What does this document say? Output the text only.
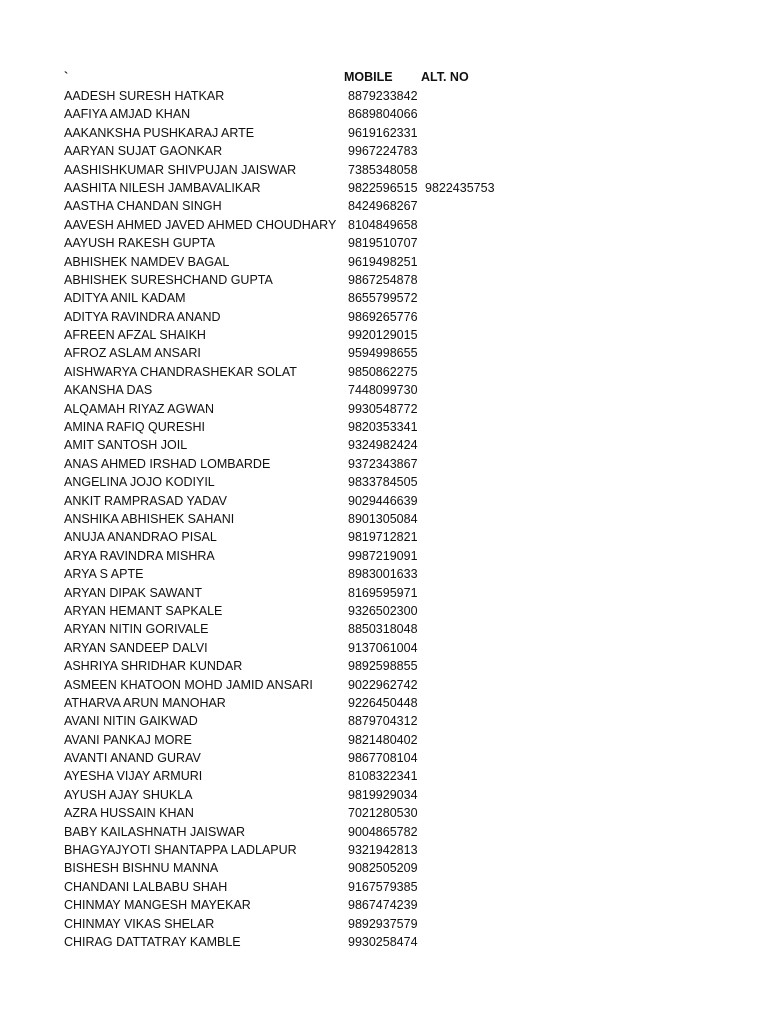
`	MOBILE	ALT. NO
AADESH SURESH HATKAR	8879233842
AAFIYA AMJAD KHAN	8689804066
AAKANKSHA PUSHKARAJ ARTE	9619162331
AARYAN SUJAT GAONKAR	9967224783
AASHISHKUMAR SHIVPUJAN JAISWAR	7385348058
AASHITA NILESH JAMBAVALIKAR	9822596515 9822435753
AASTHA CHANDAN SINGH	8424968267
AAVESH AHMED JAVED AHMED CHOUDHARY 8104849658
AAYUSH RAKESH GUPTA	9819510707
ABHISHEK NAMDEV BAGAL	9619498251
ABHISHEK SURESHCHAND GUPTA	9867254878
ADITYA ANIL KADAM	8655799572
ADITYA RAVINDRA ANAND	9869265776
AFREEN AFZAL SHAIKH	9920129015
AFROZ ASLAM ANSARI	9594998655
AISHWARYA CHANDRASHEKAR SOLAT	9850862275
AKANSHA DAS	7448099730
ALQAMAH RIYAZ AGWAN	9930548772
AMINA RAFIQ QURESHI	9820353341
AMIT SANTOSH JOIL	9324982424
ANAS AHMED IRSHAD LOMBARDE	9372343867
ANGELINA JOJO KODIYIL	9833784505
ANKIT RAMPRASAD YADAV	9029446639
ANSHIKA ABHISHEK SAHANI	8901305084
ANUJA ANANDRAO PISAL	9819712821
ARYA RAVINDRA MISHRA	9987219091
ARYA S APTE	8983001633
ARYAN DIPAK SAWANT	8169595971
ARYAN HEMANT SAPKALE	9326502300
ARYAN NITIN GORIVALE	8850318048
ARYAN SANDEEP DALVI	9137061004
ASHRIYA SHRIDHAR KUNDAR	9892598855
ASMEEN KHATOON MOHD JAMID ANSARI	9022962742
ATHARVA ARUN MANOHAR	9226450448
AVANI NITIN GAIKWAD	8879704312
AVANI PANKAJ MORE	9821480402
AVANTI ANAND GURAV	9867708104
AYESHA VIJAY ARMURI	8108322341
AYUSH AJAY SHUKLA	9819929034
AZRA HUSSAIN KHAN	7021280530
BABY KAILASHNATH JAISWAR	9004865782
BHAGYAJYOTI SHANTAPPA LADLAPUR	9321942813
BISHESH BISHNU MANNA	9082505209
CHANDANI LALBABU SHAH	9167579385
CHINMAY MANGESH MAYEKAR	9867474239
CHINMAY VIKAS SHELAR	9892937579
CHIRAG DATTATRAY KAMBLE	9930258474
